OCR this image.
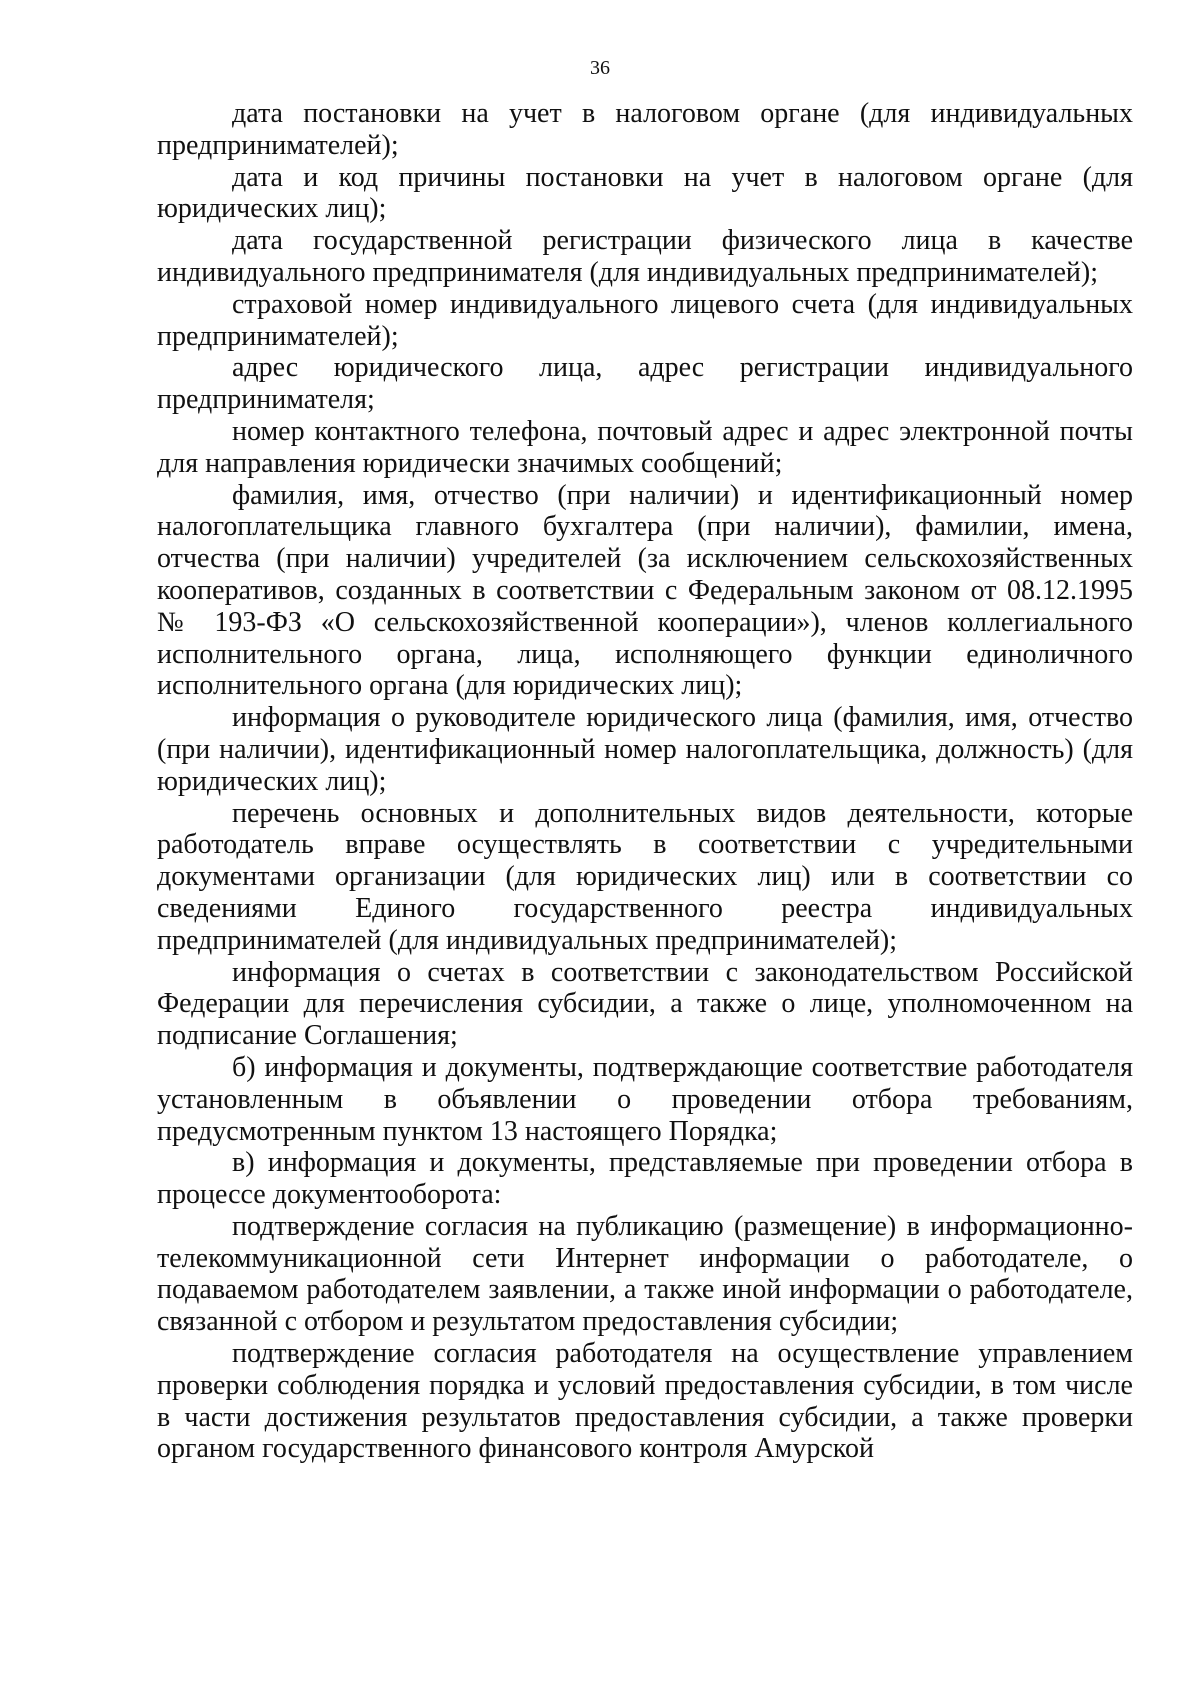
36

дата постановки на учет в налоговом органе (для индивидуальных предпринимателей);

дата и код причины постановки на учет в налоговом органе (для юридических лиц);

дата государственной регистрации физического лица в качестве индивидуального предпринимателя (для индивидуальных предпринимателей);

страховой номер индивидуального лицевого счета (для индивидуальных предпринимателей);

адрес юридического лица, адрес регистрации индивидуального предпринимателя;

номер контактного телефона, почтовый адрес и адрес электронной почты для направления юридически значимых сообщений;

фамилия, имя, отчество (при наличии) и идентификационный номер налогоплательщика главного бухгалтера (при наличии), фамилии, имена, отчества (при наличии) учредителей (за исключением сельскохозяйственных кооперативов, созданных в соответствии с Федеральным законом от 08.12.1995 № 193-ФЗ «О сельскохозяйственной кооперации»), членов коллегиального исполнительного органа, лица, исполняющего функции единоличного исполнительного органа (для юридических лиц);

информация о руководителе юридического лица (фамилия, имя, отчество (при наличии), идентификационный номер налогоплательщика, должность) (для юридических лиц);

перечень основных и дополнительных видов деятельности, которые работодатель вправе осуществлять в соответствии с учредительными документами организации (для юридических лиц) или в соответствии со сведениями Единого государственного реестра индивидуальных предпринимателей (для индивидуальных предпринимателей);

информация о счетах в соответствии с законодательством Российской Федерации для перечисления субсидии, а также о лице, уполномоченном на подписание Соглашения;

б) информация и документы, подтверждающие соответствие работодателя установленным в объявлении о проведении отбора требованиям, предусмотренным пунктом 13 настоящего Порядка;

в) информация и документы, представляемые при проведении отбора в процессе документооборота:

подтверждение согласия на публикацию (размещение) в информационно-телекоммуникационной сети Интернет информации о работодателе, о подаваемом работодателем заявлении, а также иной информации о работодателе, связанной с отбором и результатом предоставления субсидии;

подтверждение согласия работодателя на осуществление управлением проверки соблюдения порядка и условий предоставления субсидии, в том числе в части достижения результатов предоставления субсидии, а также проверки органом государственного финансового контроля Амурской
